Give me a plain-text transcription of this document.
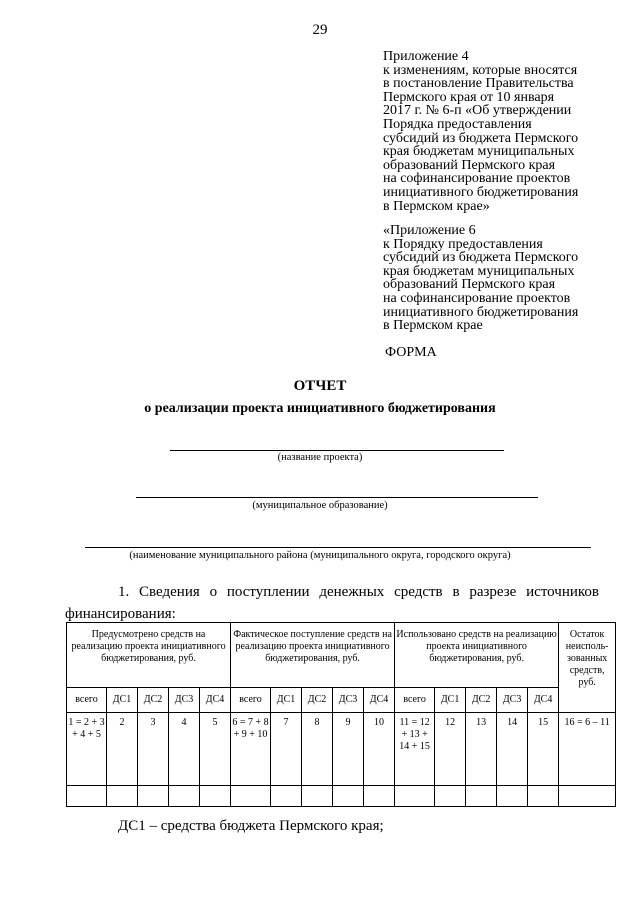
29
Приложение 4
к изменениям, которые вносятся
в постановление Правительства
Пермского края от 10 января
2017 г. № 6-п «Об утверждении
Порядка предоставления
субсидий из бюджета Пермского
края бюджетам муниципальных
образований Пермского края
на софинансирование проектов
инициативного бюджетирования
в Пермском крае»
«Приложение 6
к Порядку предоставления
субсидий из бюджета Пермского
края бюджетам муниципальных
образований Пермского края
на софинансирование проектов
инициативного бюджетирования
в Пермском крае
ФОРМА
ОТЧЕТ
о реализации проекта инициативного бюджетирования
(название проекта)
(муниципальное образование)
(наименование муниципального района (муниципального округа, городского округа)
1. Сведения о поступлении денежных средств в разрезе источников финансирования:
Предусмотрено средств на реализацию проекта инициативного бюджетирования, руб.					Фактическое поступление средств на реализацию проекта инициативного бюджетирования, руб.					Использовано средств на реализацию проекта инициативного бюджетирования, руб.					Остаток неисполь-зованных средств, руб.
всего	ДС1	ДС2	ДС3	ДС4	всего	ДС1	ДС2	ДС3	ДС4	всего	ДС1	ДС2	ДС3	ДС4	
1 = 2 + 3 + 4 + 5	2	3	4	5	6 = 7 + 8 + 9 + 10	7	8	9	10	11 = 12 + 13 + 14 + 15	12	13	14	15	16 = 6 – 11

ДС1 – средства бюджета Пермского края;
